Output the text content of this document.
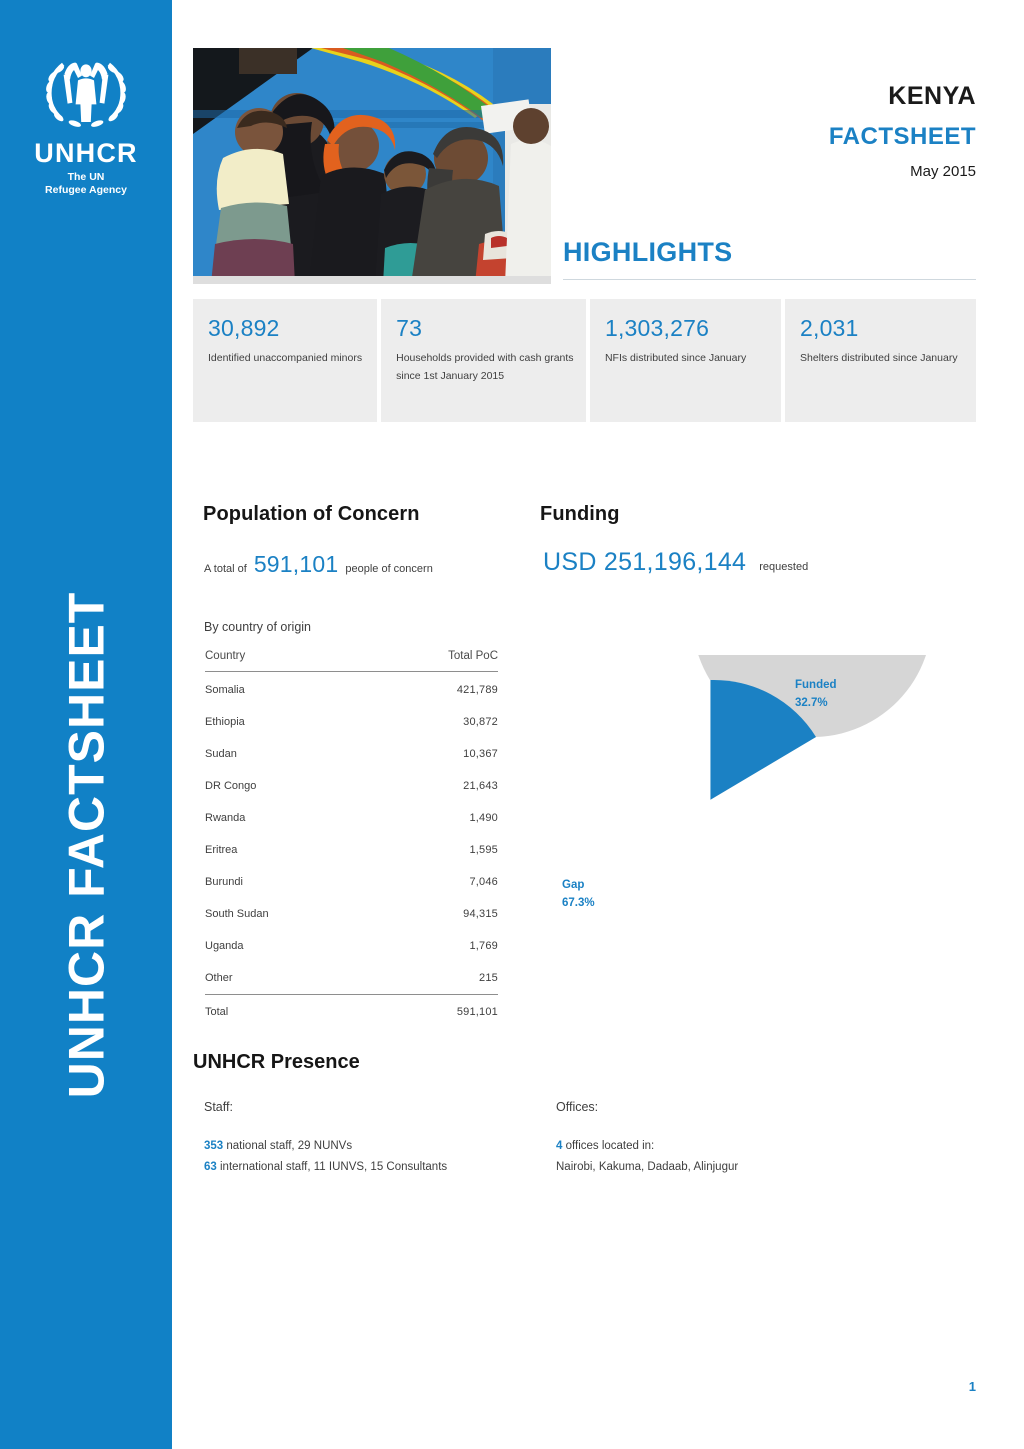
UNHCR
The UN
Refugee Agency
UNHCR FACTSHEET
KENYA
FACTSHEET
May 2015
HIGHLIGHTS
30,892
Identified unaccompanied minors
73
Households provided with cash grants since 1st January 2015
1,303,276
NFIs distributed since January
2,031
Shelters distributed since January
Population of Concern
A total of 591,101 people of concern
By country of origin
Country	Total PoC
Somalia	421,789
Ethiopia	30,872
Sudan	10,367
DR Congo	21,643
Rwanda	1,490
Eritrea	1,595
Burundi	7,046
South Sudan	94,315
Uganda	1,769
Other	215
Total	591,101
Funding
USD 251,196,144 requested
Funded
32.7%
Gap
67.3%
UNHCR Presence
Staff:
353 national staff, 29 NUNVs
63 international staff, 11 IUNVS, 15 Consultants
Offices:
4 offices located in:
Nairobi, Kakuma, Dadaab, Alinjugur
1
